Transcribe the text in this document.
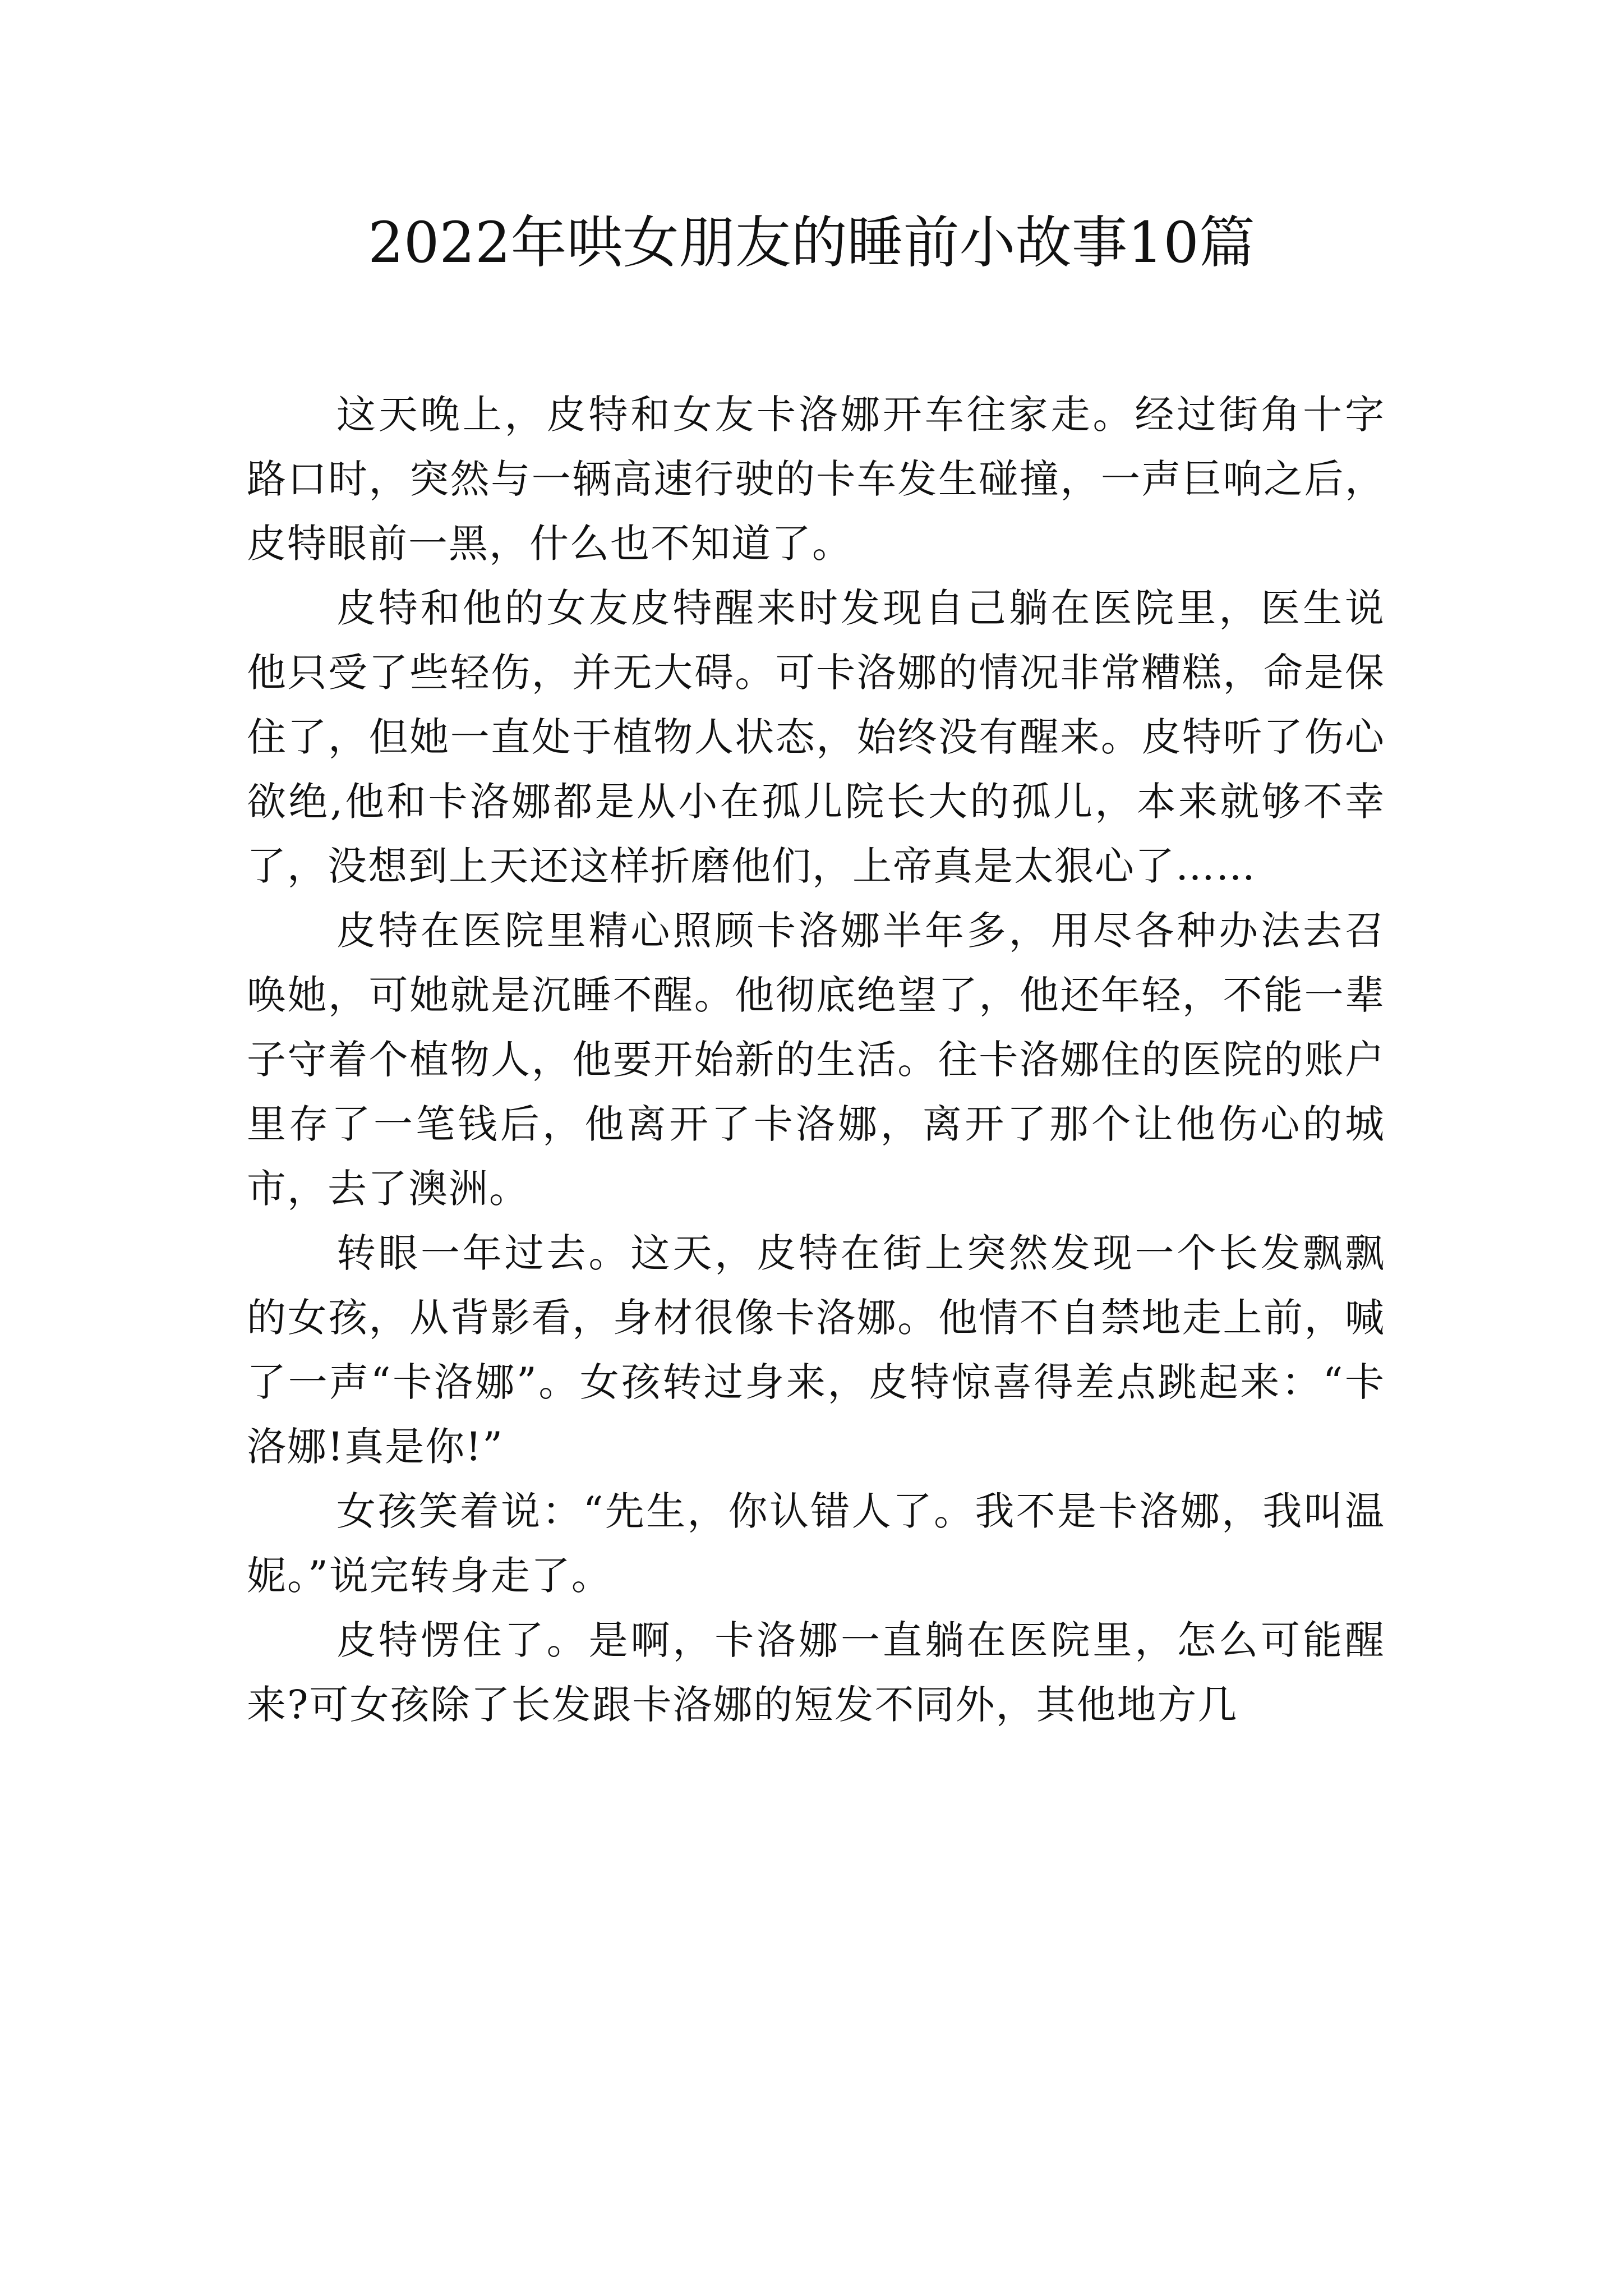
2022年哄女朋友的睡前小故事10篇

这天晚上，皮特和女友卡洛娜开车往家走。经过街角十字路口时，突然与一辆高速行驶的卡车发生碰撞，一声巨响之后，皮特眼前一黑，什么也不知道了。

皮特和他的女友皮特醒来时发现自己躺在医院里，医生说他只受了些轻伤，并无大碍。可卡洛娜的情况非常糟糕，命是保住了，但她一直处于植物人状态，始终没有醒来。皮特听了伤心欲绝,他和卡洛娜都是从小在孤儿院长大的孤儿，本来就够不幸了，没想到上天还这样折磨他们，上帝真是太狠心了……

皮特在医院里精心照顾卡洛娜半年多，用尽各种办法去召唤她，可她就是沉睡不醒。他彻底绝望了，他还年轻，不能一辈子守着个植物人，他要开始新的生活。往卡洛娜住的医院的账户里存了一笔钱后，他离开了卡洛娜，离开了那个让他伤心的城市，去了澳洲。

转眼一年过去。这天，皮特在街上突然发现一个长发飘飘的女孩，从背影看，身材很像卡洛娜。他情不自禁地走上前，喊了一声“卡洛娜”。女孩转过身来，皮特惊喜得差点跳起来：“卡洛娜!真是你!”

女孩笑着说：“先生，你认错人了。我不是卡洛娜，我叫温妮。”说完转身走了。

皮特愣住了。是啊，卡洛娜一直躺在医院里，怎么可能醒来?可女孩除了长发跟卡洛娜的短发不同外，其他地方几
